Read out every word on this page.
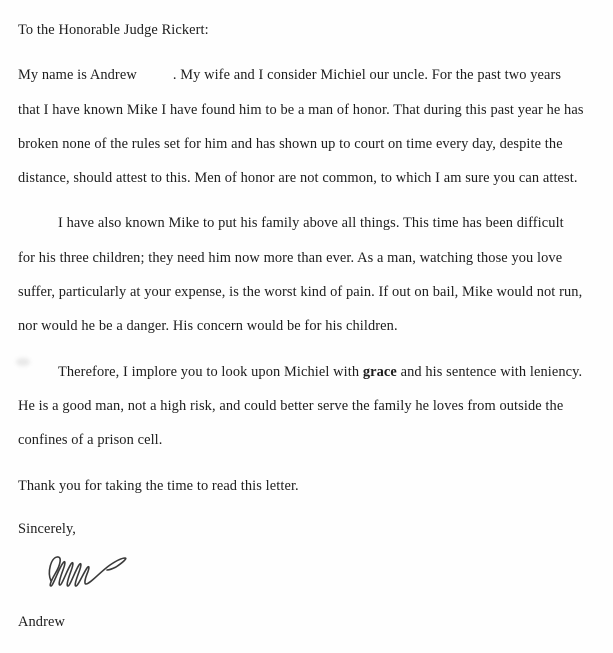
To the Honorable Judge Rickert:
My name is Andrew	. My wife and I consider Michiel our uncle. For the past two years
that I have known Mike I have found him to be a man of honor. That during this past year he has
broken none of the rules set for him and has shown up to court on time every day, despite the
distance, should attest to this. Men of honor are not common, to which I am sure you can attest.
I have also known Mike to put his family above all things. This time has been difficult
for his three children; they need him now more than ever. As a man, watching those you love
suffer, particularly at your expense, is the worst kind of pain. If out on bail, Mike would not run,
nor would he be a danger. His concern would be for his children.
Therefore, I implore you to look upon Michiel with grace and his sentence with leniency.
He is a good man, not a high risk, and could better serve the family he loves from outside the
confines of a prison cell.
Thank you for taking the time to read this letter.
Sincerely,
Andrew
